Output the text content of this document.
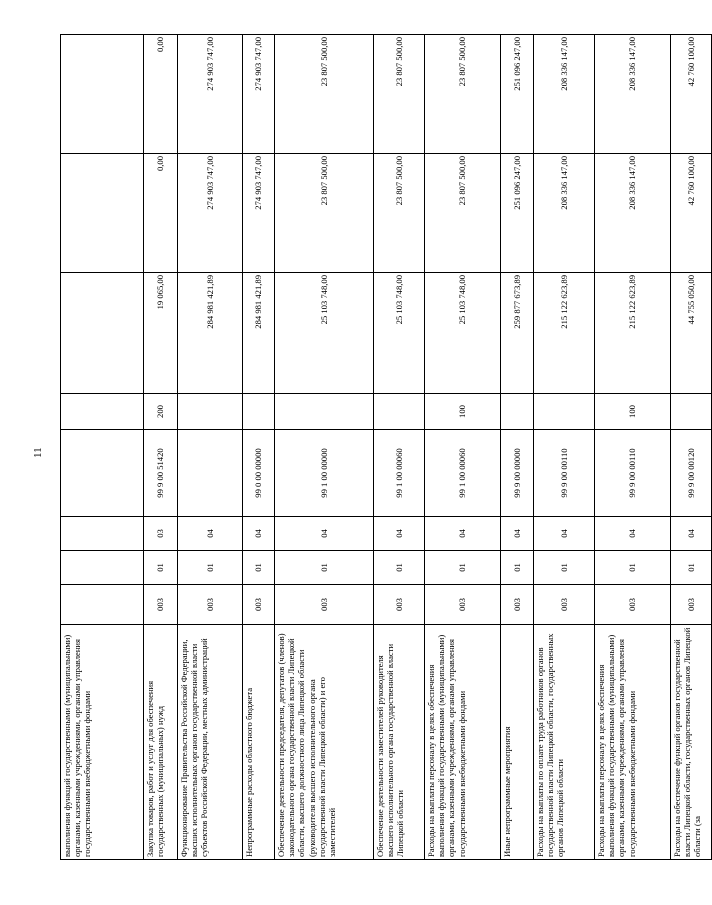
11
выполнения функций государственными (муниципальными) органами, казенными учреждениями, органами управления государственными внебюджетными фондами								

Закупка товаров, работ и услуг для обеспечения государственных (муниципальных) нужд	003	01	03	99 9 00 51420	200	19 065,00	0,00	0,00

Функционирование Правительства Российской Федерации, высших исполнительных органов государственной власти субъектов Российской Федерации, местных администраций	003	01	04			284 981 421,89	274 903 747,00	274 903 747,00

Непрограммные расходы областного бюджета	003	01	04	99 0 00 00000		284 981 421,89	274 903 747,00	274 903 747,00

Обеспечение деятельности председателя, депутатов (членов) законодательного органа государственной власти Липецкой области, высшего должностного лица Липецкой области (руководителя высшего исполнительного органа государственной власти Липецкой области) и его заместителей	003	01	04	99 1 00 00000		25 103 748,00	23 807 500,00	23 807 500,00

Обеспечение деятельности заместителей руководителя высшего исполнительного органа государственной власти Липецкой области	003	01	04	99 1 00 00060		25 103 748,00	23 807 500,00	23 807 500,00

Расходы на выплаты персоналу в целях обеспечения выполнения функций государственными (муниципальными) органами, казенными учреждениями, органами управления государственными внебюджетными фондами	003	01	04	99 1 00 00060	100	25 103 748,00	23 807 500,00	23 807 500,00

Иные непрограммные мероприятия	003	01	04	99 9 00 00000		259 877 673,89	251 096 247,00	251 096 247,00

Расходы на выплаты по оплате труда работников органов государственной власти Липецкой области, государственных органов Липецкой области	003	01	04	99 9 00 00110		215 122 623,89	208 336 147,00	208 336 147,00

Расходы на выплаты персоналу в целях обеспечения выполнения функций государственными (муниципальными) органами, казенными учреждениями, органами управления государственными внебюджетными фондами	003	01	04	99 9 00 00110	100	215 122 623,89	208 336 147,00	208 336 147,00

Расходы на обеспечение функций органов государственной власти Липецкой области, государственных органов Липецкой области (за	003	01	04	99 9 00 00120		44 755 050,00	42 760 100,00	42 760 100,00
